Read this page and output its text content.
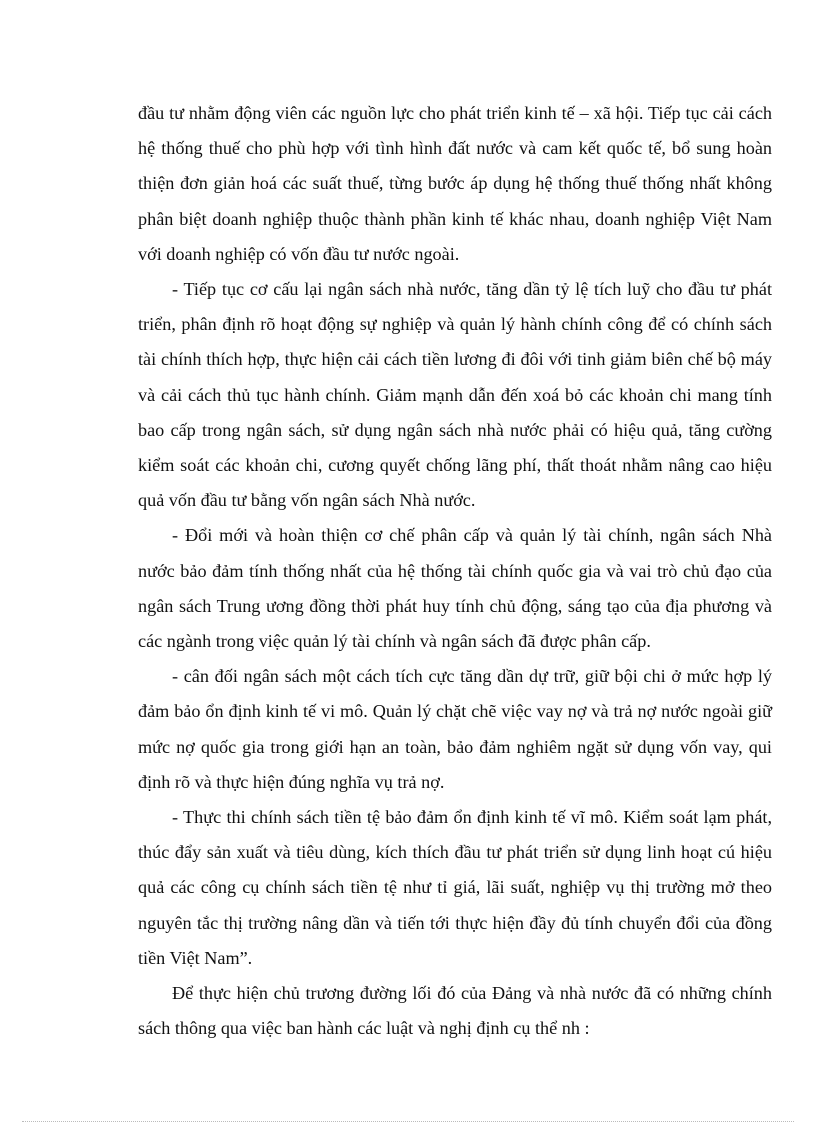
đầu tư nhằm động viên các nguồn lực cho phát triển kinh tế – xã hội. Tiếp tục cải cách hệ thống thuế cho phù hợp với tình hình đất nước và cam kết quốc tế, bổ sung hoàn thiện đơn giản hoá các suất thuế, từng bước áp dụng hệ thống thuế thống nhất không phân biệt doanh nghiệp thuộc thành phần kinh tế khác nhau, doanh nghiệp Việt Nam với doanh nghiệp có vốn đầu tư nước ngoài.

- Tiếp tục cơ cấu lại ngân sách nhà nước, tăng dần tỷ lệ tích luỹ cho đầu tư phát triển, phân định rõ hoạt động sự nghiệp và quản lý hành chính công để có chính sách tài chính thích hợp, thực hiện cải cách tiền lương đi đôi với tinh giảm biên chế bộ máy và cải cách thủ tục hành chính. Giảm mạnh dẫn đến xoá bỏ các khoản chi mang tính bao cấp trong ngân sách, sử dụng ngân sách nhà nước phải có hiệu quả, tăng cường kiểm soát các khoản chi, cương quyết chống lãng phí, thất thoát nhằm nâng cao hiệu quả vốn đầu tư bằng vốn ngân sách Nhà nước.

- Đổi mới và hoàn thiện cơ chế phân cấp và quản lý tài chính, ngân sách Nhà nước bảo đảm tính thống nhất của hệ thống tài chính quốc gia và vai trò chủ đạo của ngân sách Trung ương đồng thời phát huy tính chủ động, sáng tạo của địa phương và các ngành trong việc quản lý tài chính và ngân sách đã được phân cấp.

- cân đối ngân sách một cách tích cực tăng dần dự trữ, giữ bội chi ở mức hợp lý đảm bảo ổn định kinh tế vi mô. Quản lý chặt chẽ việc vay nợ và trả nợ nước ngoài giữ mức nợ quốc gia trong giới hạn an toàn, bảo đảm nghiêm ngặt sử dụng vốn vay, qui định rõ và thực hiện đúng nghĩa vụ trả nợ.

- Thực thi chính sách tiền tệ bảo đảm ổn định kinh tế vĩ mô. Kiểm soát lạm phát, thúc đẩy sản xuất và tiêu dùng, kích thích đầu tư phát triển sử dụng linh hoạt cú hiệu quả các công cụ chính sách tiền tệ như tỉ giá, lãi suất, nghiệp vụ thị trường mở theo nguyên tắc thị trường nâng dần và tiến tới thực hiện đầy đủ tính chuyển đổi của đồng tiền Việt Nam”.

Để thực hiện chủ trương đường lối đó của Đảng và nhà nước đã có những chính sách thông qua việc ban hành các luật và nghị định cụ thể nh :
